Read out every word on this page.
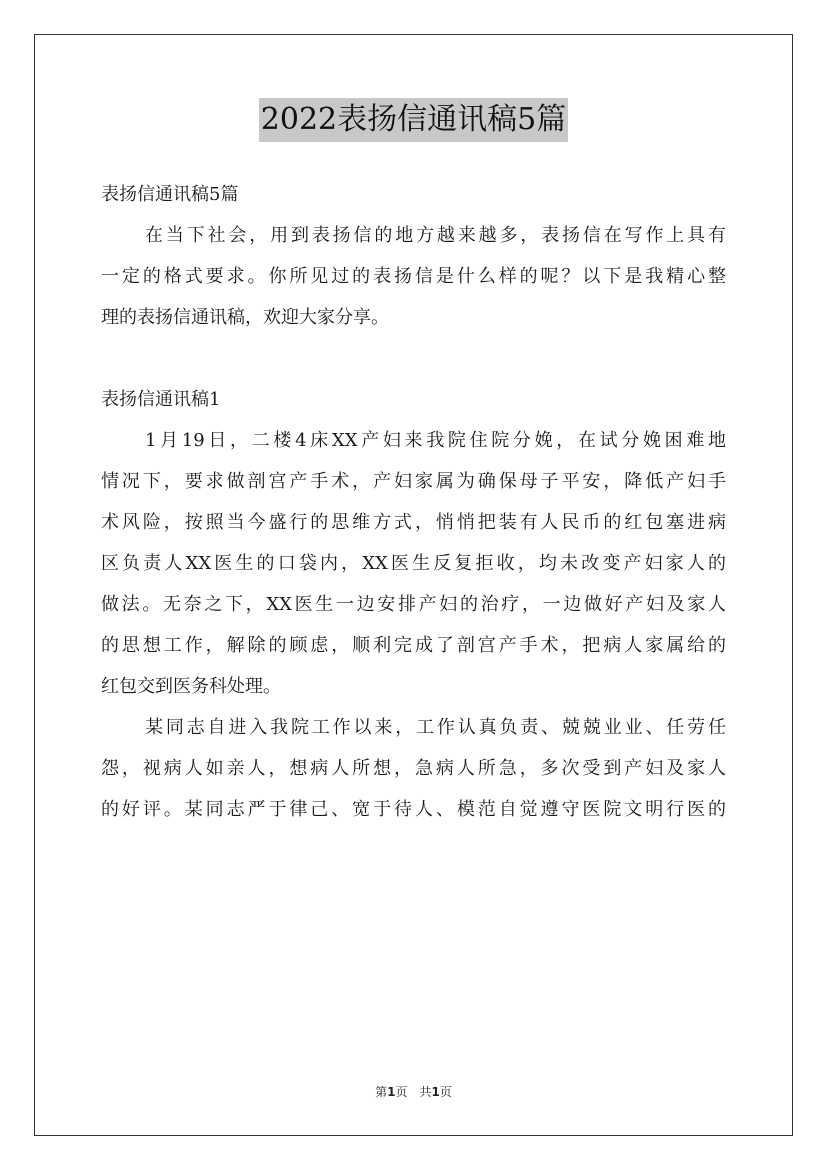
2022表扬信通讯稿5篇
表扬信通讯稿5篇
在当下社会，用到表扬信的地方越来越多，表扬信在写作上具有
一定的格式要求。你所见过的表扬信是什么样的呢？以下是我精心整
理的表扬信通讯稿，欢迎大家分享。
表扬信通讯稿1
1月19日，二楼4床XX产妇来我院住院分娩，在试分娩困难地
情况下，要求做剖宫产手术，产妇家属为确保母子平安，降低产妇手
术风险，按照当今盛行的思维方式，悄悄把装有人民币的红包塞进病
区负责人XX医生的口袋内，XX医生反复拒收，均未改变产妇家人的
做法。无奈之下，XX医生一边安排产妇的治疗，一边做好产妇及家人
的思想工作，解除的顾虑，顺利完成了剖宫产手术，把病人家属给的
红包交到医务科处理。
某同志自进入我院工作以来，工作认真负责、兢兢业业、任劳任
怨，视病人如亲人，想病人所想，急病人所急，多次受到产妇及家人
的好评。某同志严于律己、宽于待人、模范自觉遵守医院文明行医的
第1页　共1页
